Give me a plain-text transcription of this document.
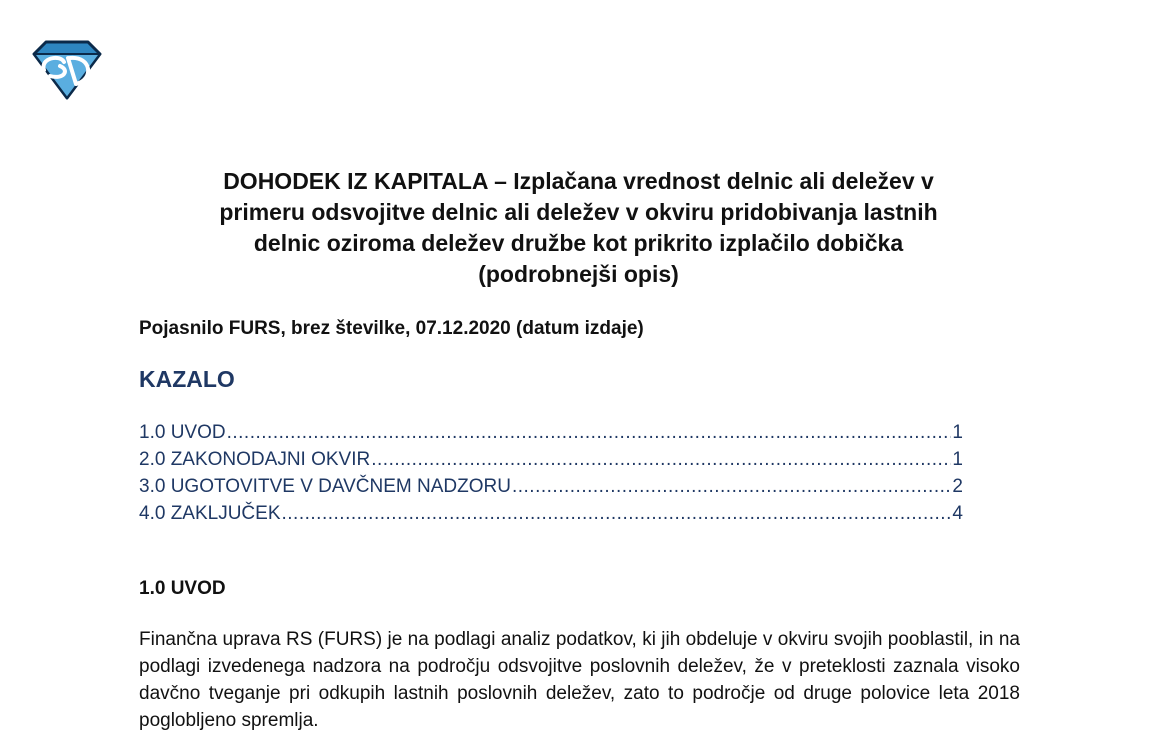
DOHODEK IZ KAPITALA – Izplačana vrednost delnic ali deležev v
primeru odsvojitve delnic ali deležev v okviru pridobivanja lastnih
delnic oziroma deležev družbe kot prikrito izplačilo dobička
(podrobnejši opis)

Pojasnilo FURS, brez številke, 07.12.2020 (datum izdaje)

KAZALO
1.0 UVOD .....	1
2.0 ZAKONODAJNI OKVIR .....	1
3.0 UGOTOVITVE V DAVČNEM NADZORU .....	2
4.0 ZAKLJUČEK .....	4
1.0 UVOD

Finančna uprava RS (FURS) je na podlagi analiz podatkov, ki jih obdeluje v okviru svojih pooblastil, in na podlagi izvedenega nadzora na področju odsvojitve poslovnih deležev, že v preteklosti zaznala visoko davčno tveganje pri odkupih lastnih poslovnih deležev, zato to področje od druge polovice leta 2018 poglobljeno spremlja.
